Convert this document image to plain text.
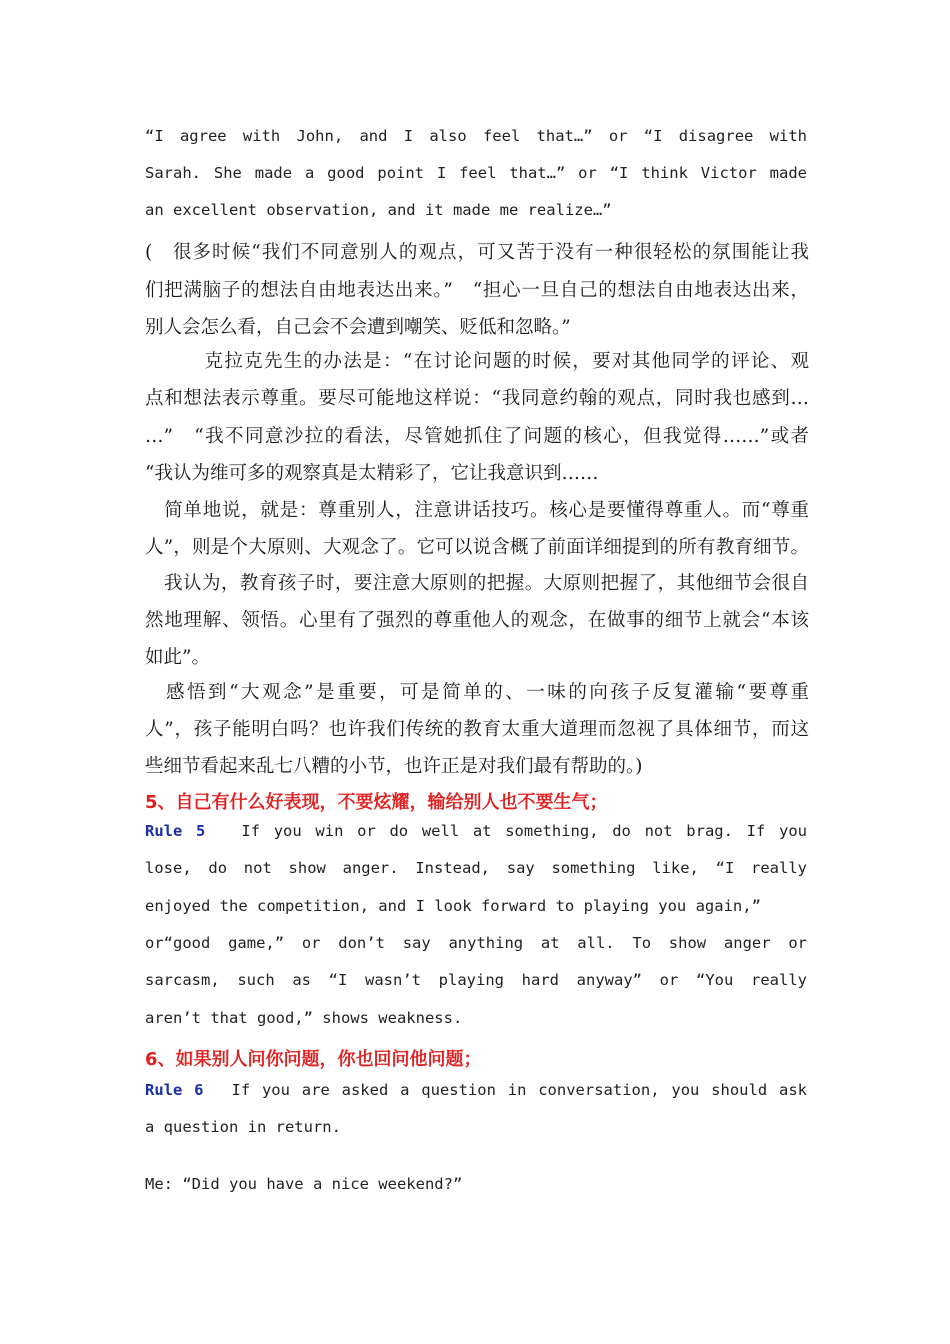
“I agree with John, and I also feel that…” or “I disagree with
Sarah. She made a good point I feel that…” or “I think Victor made
an excellent observation, and it made me realize…”
(　很多时候“我们不同意别人的观点，可又苦于没有一种很轻松的氛围能让我
们把满脑子的想法自由地表达出来。”　“担心一旦自己的想法自由地表达出来，
别人会怎么看，自己会不会遭到嘲笑、贬低和忽略。”
　　　克拉克先生的办法是：“在讨论问题的时候，要对其他同学的评论、观
点和想法表示尊重。要尽可能地这样说：“我同意约翰的观点，同时我也感到…
…”　“我不同意沙拉的看法，尽管她抓住了问题的核心，但我觉得……”或者
“我认为维可多的观察真是太精彩了，它让我意识到……
　简单地说，就是：尊重别人，注意讲话技巧。核心是要懂得尊重人。而“尊重
人”，则是个大原则、大观念了。它可以说含概了前面详细提到的所有教育细节。
　我认为，教育孩子时，要注意大原则的把握。大原则把握了，其他细节会很自
然地理解、领悟。心里有了强烈的尊重他人的观念，在做事的细节上就会“本该
如此”。
　感悟到“大观念”是重要，可是简单的、一味的向孩子反复灌输“要尊重
人”，孩子能明白吗？也许我们传统的教育太重大道理而忽视了具体细节，而这
些细节看起来乱七八糟的小节，也许正是对我们最有帮助的。)
5、自己有什么好表现，不要炫耀，输给别人也不要生气；
Rule 5 If you win or do well at something, do not brag. If you
lose, do not show anger. Instead, say something like, “I really
enjoyed the competition, and I look forward to playing you again,”
or“good game,” or don’t say anything at all. To show anger or
sarcasm, such as “I wasn’t playing hard anyway” or “You really
aren’t that good,” shows weakness.
6、如果别人问你问题，你也回问他问题；
Rule 6 If you are asked a question in conversation, you should ask
a question in return.
Me: “Did you have a nice weekend?”
